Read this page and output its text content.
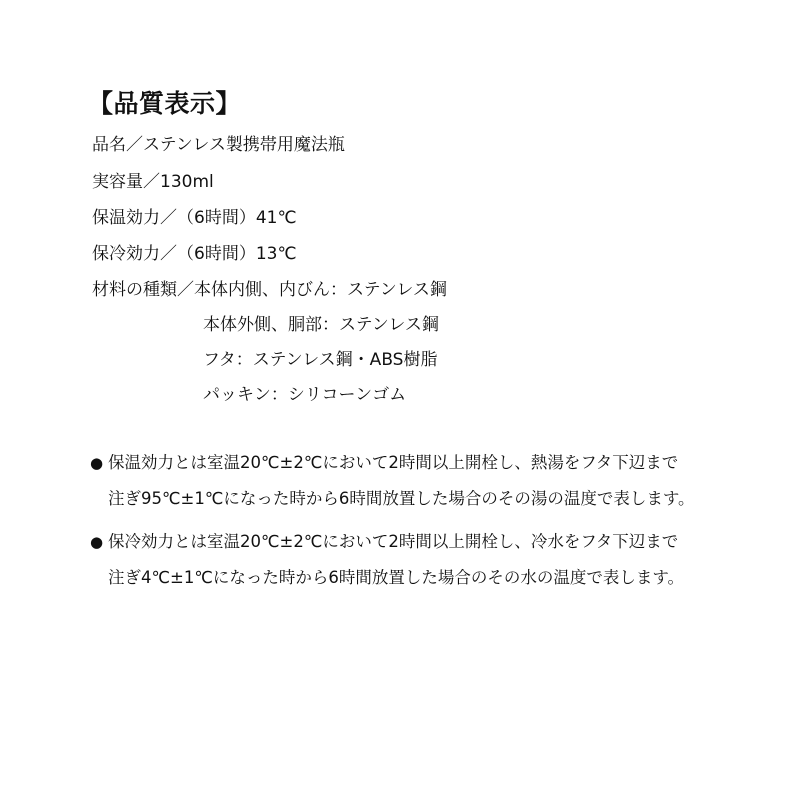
【品質表示】
品名／ステンレス製携帯用魔法瓶
実容量／130ml
保温効力／（6時間）41℃
保冷効力／（6時間）13℃
材料の種類／本体内側、内びん：ステンレス鋼
本体外側、胴部：ステンレス鋼
フタ：ステンレス鋼・ABS樹脂
パッキン：シリコーンゴム
● 保温効力とは室温20℃±2℃において2時間以上開栓し、熱湯をフタ下辺まで
注ぎ95℃±1℃になった時から6時間放置した場合のその湯の温度で表します。
● 保冷効力とは室温20℃±2℃において2時間以上開栓し、冷水をフタ下辺まで
注ぎ4℃±1℃になった時から6時間放置した場合のその水の温度で表します。
